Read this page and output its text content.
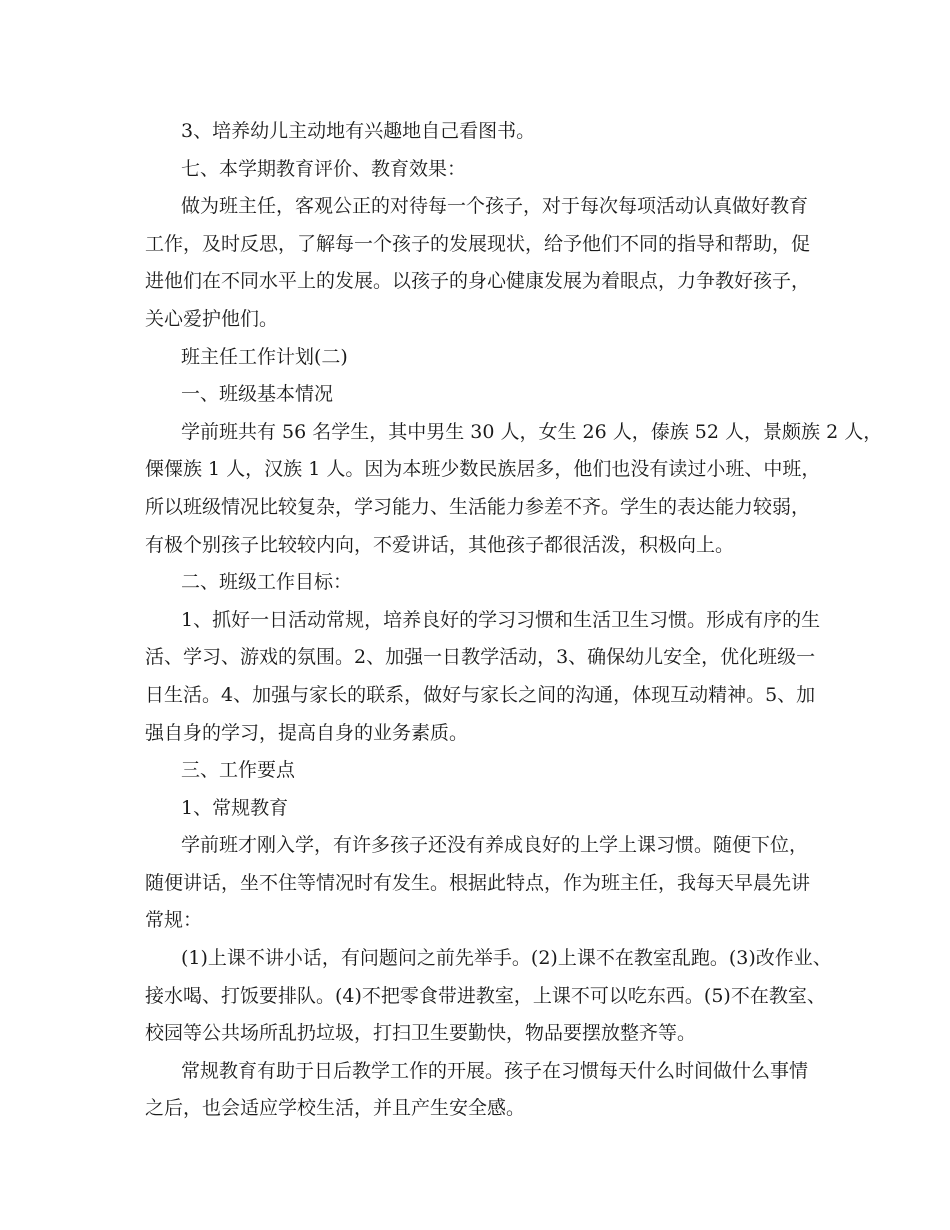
3、培养幼儿主动地有兴趣地自己看图书。
七、本学期教育评价、教育效果：
做为班主任，客观公正的对待每一个孩子，对于每次每项活动认真做好教育
工作，及时反思，了解每一个孩子的发展现状，给予他们不同的指导和帮助，促
进他们在不同水平上的发展。以孩子的身心健康发展为着眼点，力争教好孩子，
关心爱护他们。
班主任工作计划(二)
一、班级基本情况
学前班共有 56 名学生，其中男生 30 人，女生 26 人，傣族 52 人，景颇族 2 人，
傈僳族 1 人，汉族 1 人。因为本班少数民族居多，他们也没有读过小班、中班，
所以班级情况比较复杂，学习能力、生活能力参差不齐。学生的表达能力较弱，
有极个别孩子比较较内向，不爱讲话，其他孩子都很活泼，积极向上。
二、班级工作目标：
1、抓好一日活动常规，培养良好的学习习惯和生活卫生习惯。形成有序的生
活、学习、游戏的氛围。2、加强一日教学活动，3、确保幼儿安全，优化班级一
日生活。4、加强与家长的联系，做好与家长之间的沟通，体现互动精神。5、加
强自身的学习，提高自身的业务素质。
三、工作要点
1、常规教育
学前班才刚入学，有许多孩子还没有养成良好的上学上课习惯。随便下位，
随便讲话，坐不住等情况时有发生。根据此特点，作为班主任，我每天早晨先讲
常规：
(1)上课不讲小话，有问题问之前先举手。(2)上课不在教室乱跑。(3)改作业、
接水喝、打饭要排队。(4)不把零食带进教室，上课不可以吃东西。(5)不在教室、
校园等公共场所乱扔垃圾，打扫卫生要勤快，物品要摆放整齐等。
常规教育有助于日后教学工作的开展。孩子在习惯每天什么时间做什么事情
之后，也会适应学校生活，并且产生安全感。
